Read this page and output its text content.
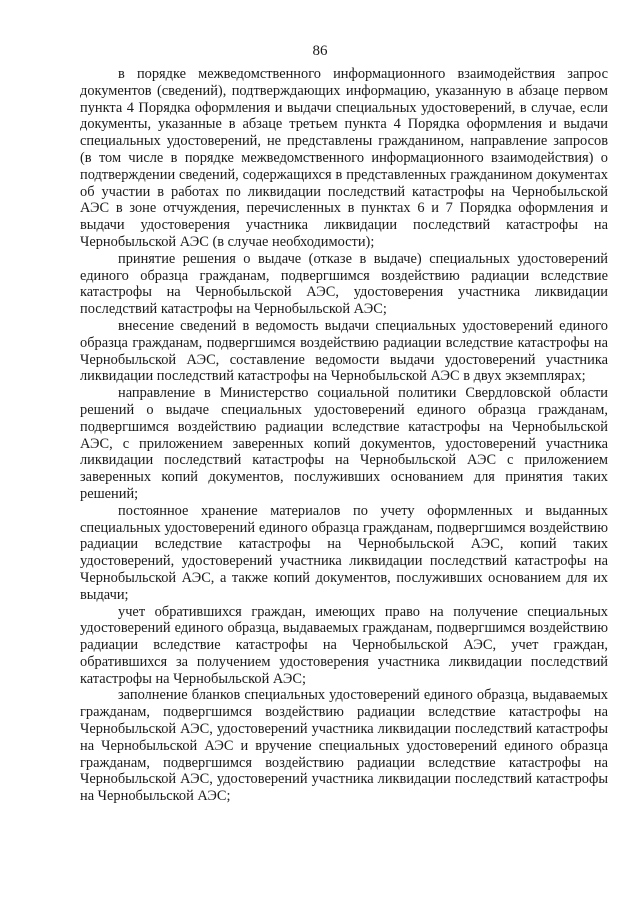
86

в порядке межведомственного информационного взаимодействия запрос документов (сведений), подтверждающих информацию, указанную в абзаце первом пункта 4 Порядка оформления и выдачи специальных удостоверений, в случае, если документы, указанные в абзаце третьем пункта 4 Порядка оформления и выдачи специальных удостоверений, не представлены гражданином, направление запросов (в том числе в порядке межведомственного информационного взаимодействия) о подтверждении сведений, содержащихся в представленных гражданином документах об участии в работах по ликвидации последствий катастрофы на Чернобыльской АЭС в зоне отчуждения, перечисленных в пунктах 6 и 7 Порядка оформления и выдачи удостоверения участника ликвидации последствий катастрофы на Чернобыльской АЭС (в случае необходимости);

принятие решения о выдаче (отказе в выдаче) специальных удостоверений единого образца гражданам, подвергшимся воздействию радиации вследствие катастрофы на Чернобыльской АЭС, удостоверения участника ликвидации последствий катастрофы на Чернобыльской АЭС;

внесение сведений в ведомость выдачи специальных удостоверений единого образца гражданам, подвергшимся воздействию радиации вследствие катастрофы на Чернобыльской АЭС, составление ведомости выдачи удостоверений участника ликвидации последствий катастрофы на Чернобыльской АЭС в двух экземплярах;

направление в Министерство социальной политики Свердловской области решений о выдаче специальных удостоверений единого образца гражданам, подвергшимся воздействию радиации вследствие катастрофы на Чернобыльской АЭС, с приложением заверенных копий документов, удостоверений участника ликвидации последствий катастрофы на Чернобыльской АЭС с приложением заверенных копий документов, послуживших основанием для принятия таких решений;

постоянное хранение материалов по учету оформленных и выданных специальных удостоверений единого образца гражданам, подвергшимся воздействию радиации вследствие катастрофы на Чернобыльской АЭС, копий таких удостоверений, удостоверений участника ликвидации последствий катастрофы на Чернобыльской АЭС, а также копий документов, послуживших основанием для их выдачи;

учет обратившихся граждан, имеющих право на получение специальных удостоверений единого образца, выдаваемых гражданам, подвергшимся воздействию радиации вследствие катастрофы на Чернобыльской АЭС, учет граждан, обратившихся за получением удостоверения участника ликвидации последствий катастрофы на Чернобыльской АЭС;

заполнение бланков специальных удостоверений единого образца, выдаваемых гражданам, подвергшимся воздействию радиации вследствие катастрофы на Чернобыльской АЭС, удостоверений участника ликвидации последствий катастрофы на Чернобыльской АЭС и вручение специальных удостоверений единого образца гражданам, подвергшимся воздействию радиации вследствие катастрофы на Чернобыльской АЭС, удостоверений участника ликвидации последствий катастрофы на Чернобыльской АЭС;
